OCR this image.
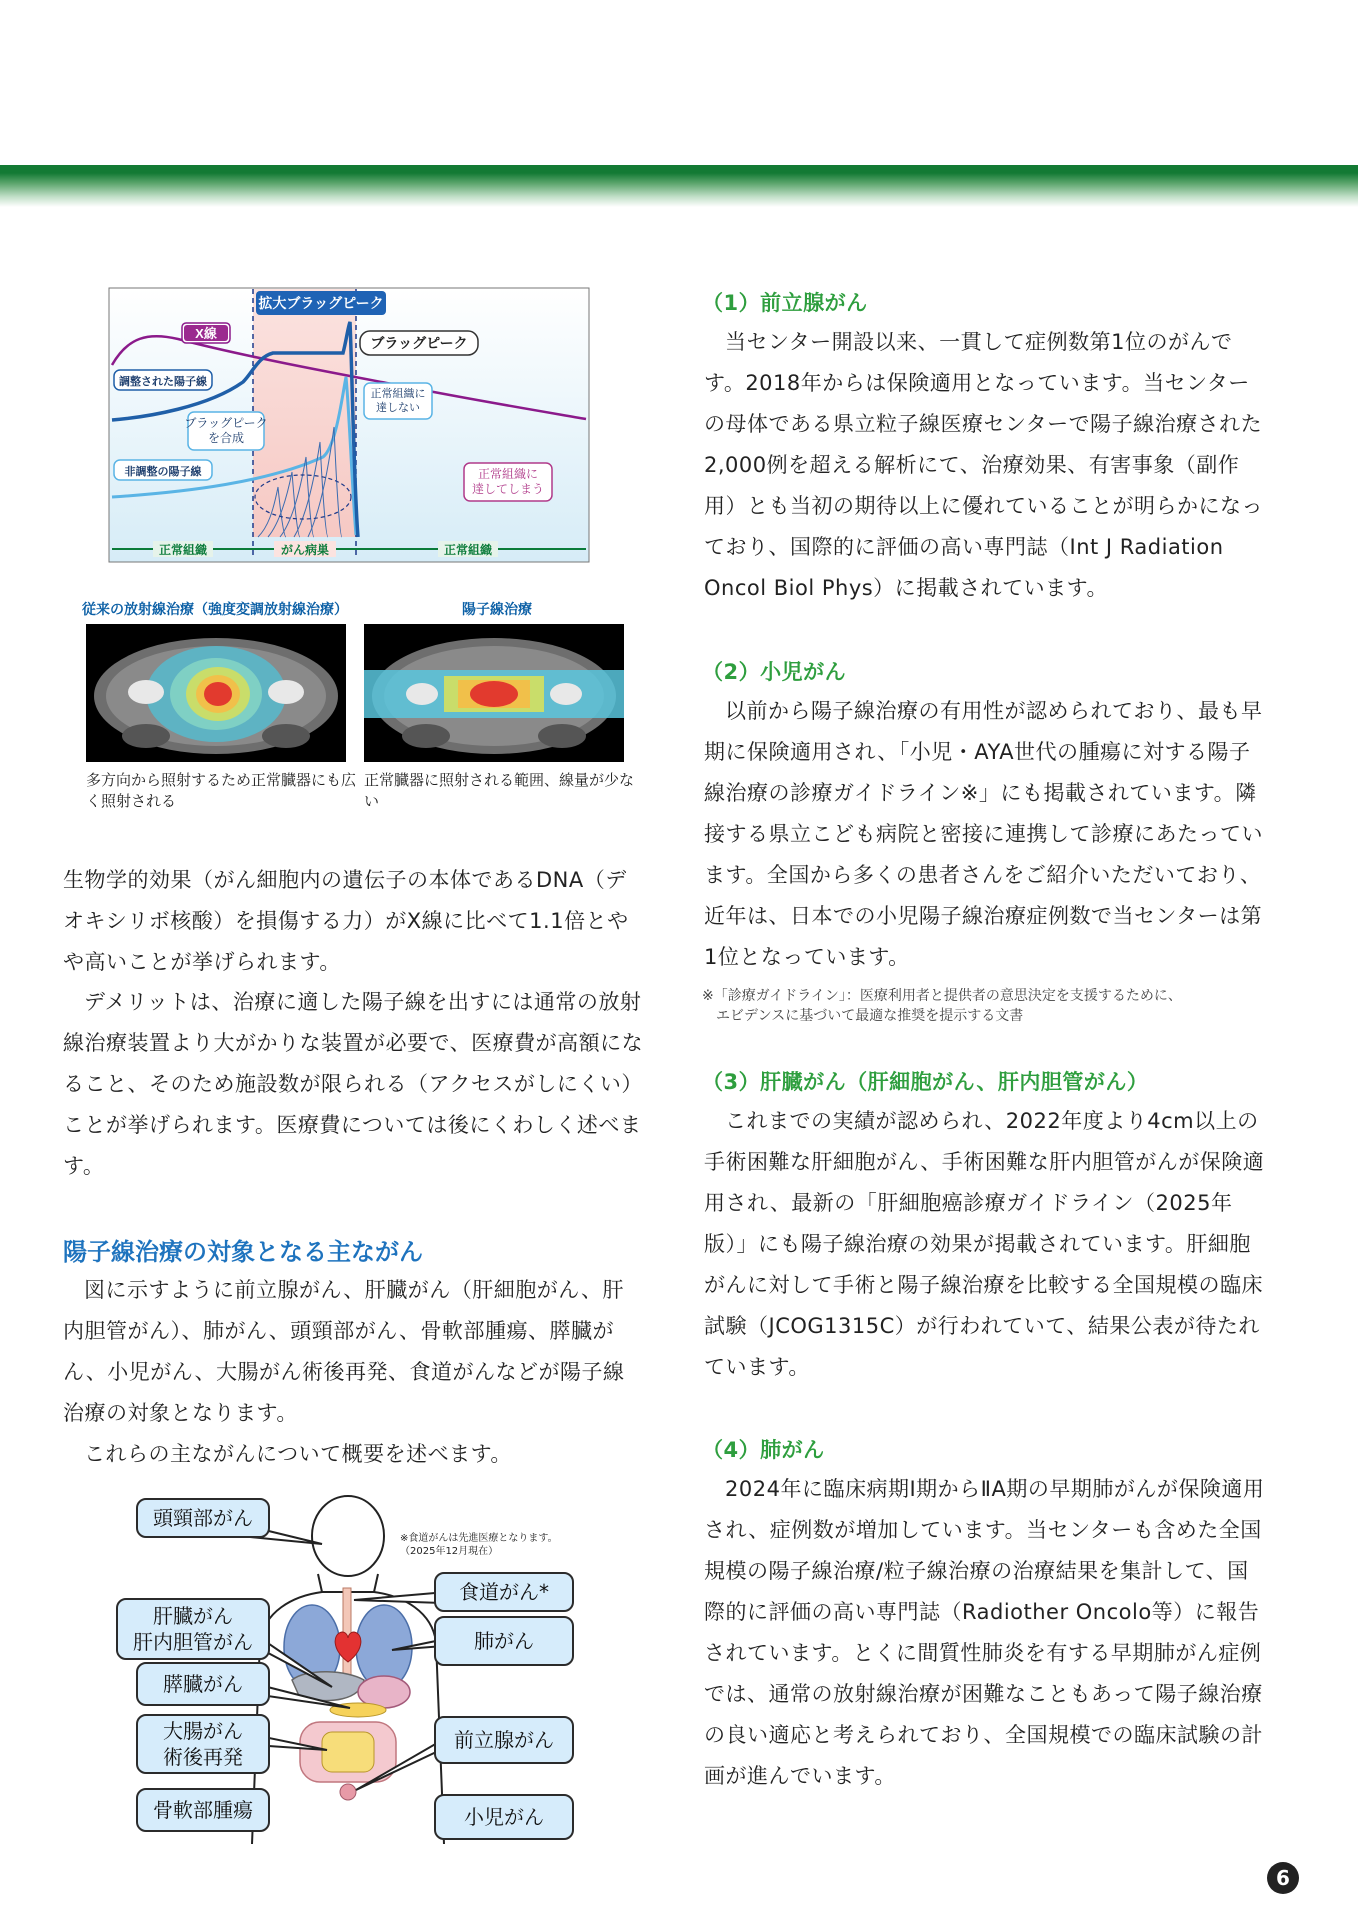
拡大ブラッグピーク
X線
ブラッグピーク
調整された陽子線
正常組織に達しない
ブラッグピークを合成
非調整の陽子線	正常組織に達してしまう
正常組織	がん病巣	正常組織
従来の放射線治療（強度変調放射線治療）	陽子線治療
多方向から照射するため正常臓器にも広く照射される
正常臓器に照射される範囲、線量が少ない

生物学的効果（がん細胞内の遺伝子の本体であるDNA（デオキシリボ核酸）を損傷する力）がX線に比べて1.1倍とやや高いことが挙げられます。

デメリットは、治療に適した陽子線を出すには通常の放射線治療装置より大がかりな装置が必要で、医療費が高額になること、そのため施設数が限られる（アクセスがしにくい）ことが挙げられます。医療費については後にくわしく述べます。

陽子線治療の対象となる主ながん

図に示すように前立腺がん、肝臓がん（肝細胞がん、肝内胆管がん）、肺がん、頭頸部がん、骨軟部腫瘍、膵臓がん、小児がん、大腸がん術後再発、食道がんなどが陽子線治療の対象となります。

これらの主ながんについて概要を述べます。

※食道がんは先進医療となります。
（2025年12月現在）
頭頸部がん
食道がん*
肝臓がん
肝内胆管がん	肺がん
膵臓がん
大腸がん
術後再発
前立腺がん
骨軟部腫瘍	小児がん
（1）前立腺がん

当センター開設以来、一貫して症例数第1位のがんです。2018年からは保険適用となっています。当センターの母体である県立粒子線医療センターで陽子線治療された2,000例を超える解析にて、治療効果、有害事象（副作用）とも当初の期待以上に優れていることが明らかになっており、国際的に評価の高い専門誌（Int J Radiation Oncol Biol Phys）に掲載されています。

（2）小児がん

以前から陽子線治療の有用性が認められており、最も早期に保険適用され、「小児・AYA世代の腫瘍に対する陽子線治療の診療ガイドライン※」にも掲載されています。隣接する県立こども病院と密接に連携して診療にあたっています。全国から多くの患者さんをご紹介いただいており、近年は、日本での小児陽子線治療症例数で当センターは第1位となっています。

※「診療ガイドライン」：医療利用者と提供者の意思決定を支援するために、
　エビデンスに基づいて最適な推奨を提示する文書

（3）肝臓がん（肝細胞がん、肝内胆管がん）

これまでの実績が認められ、2022年度より4cm以上の手術困難な肝細胞がん、手術困難な肝内胆管がんが保険適用され、最新の「肝細胞癌診療ガイドライン（2025年版）」にも陽子線治療の効果が掲載されています。肝細胞がんに対して手術と陽子線治療を比較する全国規模の臨床試験（JCOG1315C）が行われていて、結果公表が待たれています。

（4）肺がん

2024年に臨床病期Ⅰ期からⅡA期の早期肺がんが保険適用され、症例数が増加しています。当センターも含めた全国規模の陽子線治療/粒子線治療の治療結果を集計して、国際的に評価の高い専門誌（Radiother Oncolo等）に報告されています。とくに間質性肺炎を有する早期肺がん症例では、通常の放射線治療が困難なこともあって陽子線治療の良い適応と考えられており、全国規模での臨床試験の計画が進んでいます。

6
